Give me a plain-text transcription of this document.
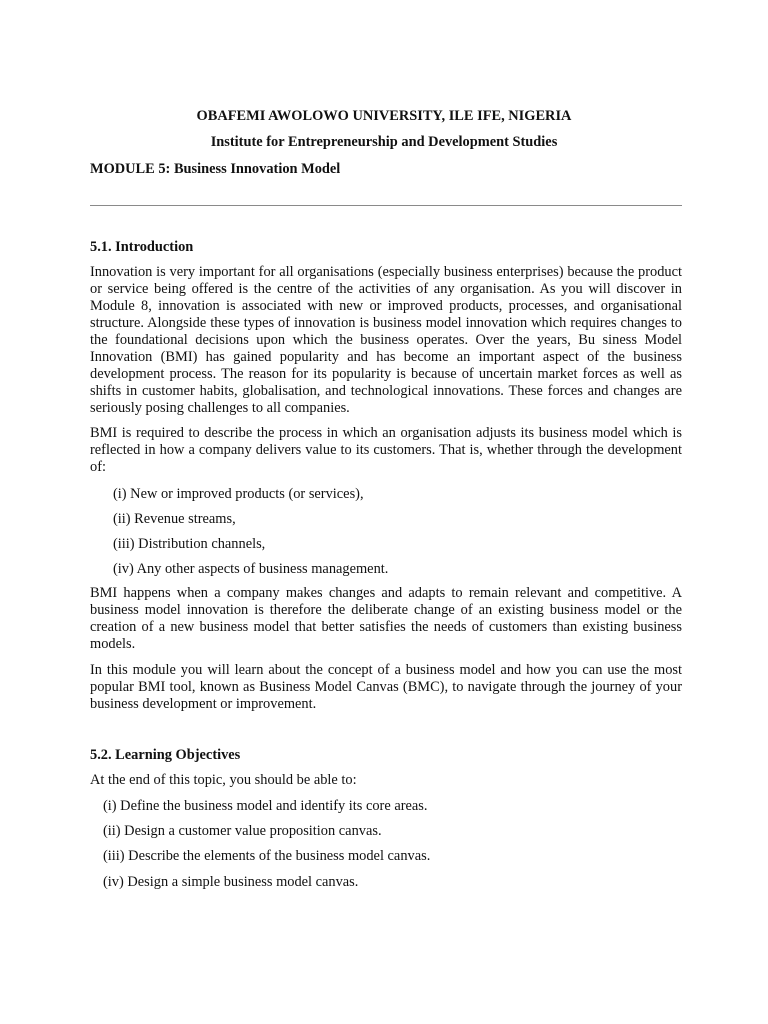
OBAFEMI AWOLOWO UNIVERSITY, ILE IFE, NIGERIA

Institute for Entrepreneurship and Development Studies

MODULE 5: Business Innovation Model

5.1. Introduction

Innovation is very important for all organisations (especially business enterprises) because the product or service being offered is the centre of the activities of any organisation. As you will discover in Module 8, innovation is associated with new or improved products, processes, and organisational structure. Alongside these types of innovation is business model innovation which requires changes to the foundational decisions upon which the business operates. Over the years, Bu siness Model Innovation (BMI) has gained popularity and has become an important aspect of the business development process. The reason for its popularity is because of uncertain market forces as well as shifts in customer habits, globalisation, and technological innovations. These forces and changes are seriously posing challenges to all companies.

BMI is required to describe the process in which an organisation adjusts its business model which is reflected in how a company delivers value to its customers. That is, whether through the development of:

(i) New or improved products (or services),

(ii) Revenue streams,

(iii) Distribution channels,

(iv) Any other aspects of business management.

BMI happens when a company makes changes and adapts to remain relevant and competitive. A business model innovation is therefore the deliberate change of an existing business model or the creation of a new business model that better satisfies the needs of customers than existing business models.

In this module you will learn about the concept of a business model and how you can use the most popular BMI tool, known as Business Model Canvas (BMC), to navigate through the journey of your business development or improvement.

5.2. Learning Objectives

At the end of this topic, you should be able to:

(i) Define the business model and identify its core areas.

(ii) Design a customer value proposition canvas.

(iii) Describe the elements of the business model canvas.

(iv) Design a simple business model canvas.
